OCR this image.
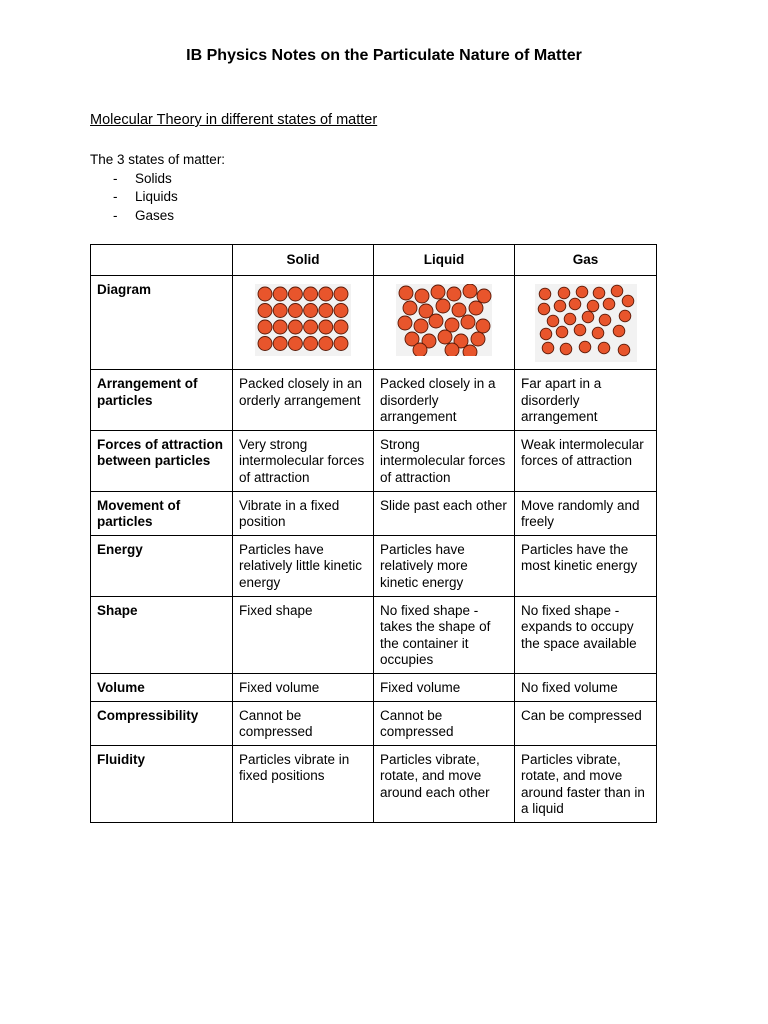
IB Physics Notes on the Particulate Nature of Matter
Molecular Theory in different states of matter
The 3 states of matter:
- Solids
- Liquids
- Gases
	Solid	Liquid	Gas
Diagram	

Arrangement of particles	Packed closely in an orderly arrangement	Packed closely in a disorderly arrangement	Far apart in a disorderly arrangement
Forces of attraction between particles	Very strong intermolecular forces of attraction	Strong intermolecular forces of attraction	Weak intermolecular forces of attraction
Movement of particles	Vibrate in a fixed position	Slide past each other	Move randomly and freely
Energy	Particles have relatively little kinetic energy	Particles have relatively more kinetic energy	Particles have the most kinetic energy
Shape	Fixed shape	No fixed shape - takes the shape of the container it occupies	No fixed shape - expands to occupy the space available
Volume	Fixed volume	Fixed volume	No fixed volume
Compressibility	Cannot be compressed	Cannot be compressed	Can be compressed
Fluidity	Particles vibrate in fixed positions	Particles vibrate, rotate, and move around each other	Particles vibrate, rotate, and move around faster than in a liquid
